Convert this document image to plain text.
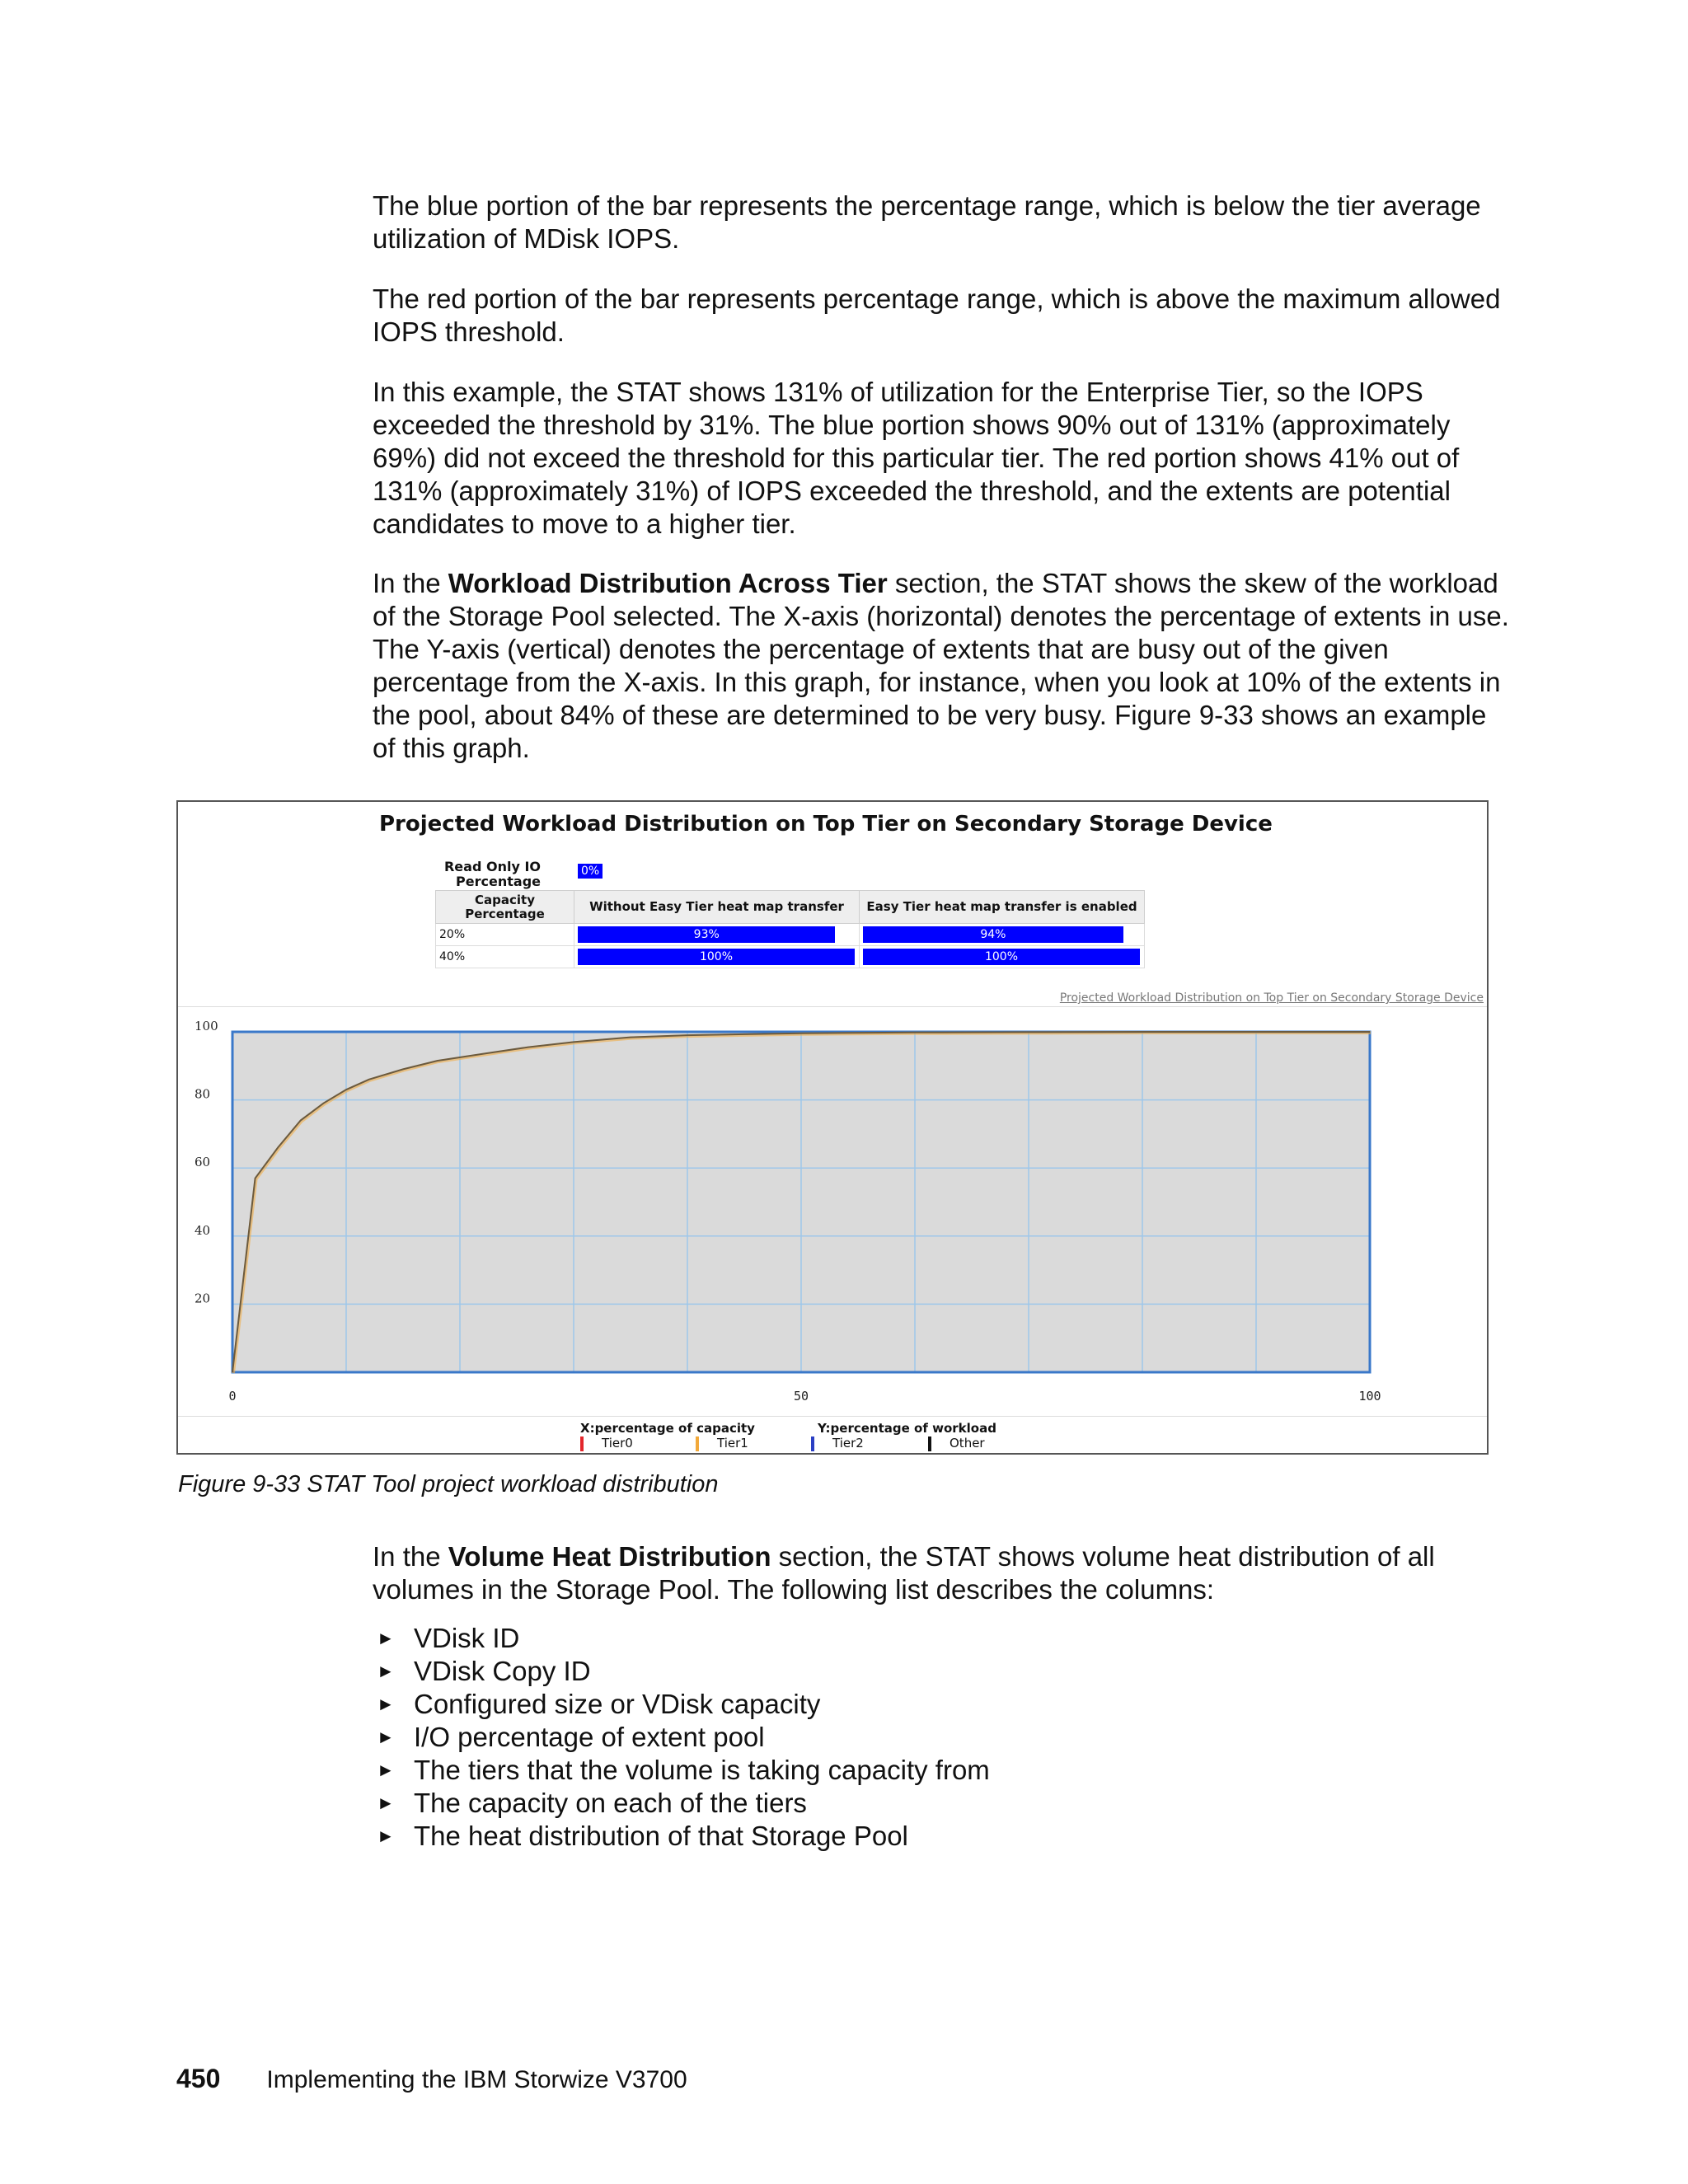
The blue portion of the bar represents the percentage range, which is below the tier average utilization of MDisk IOPS.

The red portion of the bar represents percentage range, which is above the maximum allowed IOPS threshold.

In this example, the STAT shows 131% of utilization for the Enterprise Tier, so the IOPS exceeded the threshold by 31%. The blue portion shows 90% out of 131% (approximately 69%) did not exceed the threshold for this particular tier. The red portion shows 41% out of 131% (approximately 31%) of IOPS exceeded the threshold, and the extents are potential candidates to move to a higher tier.

In the Workload Distribution Across Tier section, the STAT shows the skew of the workload of the Storage Pool selected. The X-axis (horizontal) denotes the percentage of extents in use. The Y-axis (vertical) denotes the percentage of extents that are busy out of the given percentage from the X-axis. In this graph, for instance, when you look at 10% of the extents in the pool, about 84% of these are determined to be very busy. Figure 9-33 shows an example of this graph.

Projected Workload Distribution on Top Tier on Secondary Storage Device
Read Only IO
Percentage
0%
Capacity Percentage	Without Easy Tier heat map transfer	Easy Tier heat map transfer is enabled
20%	93%	94%

40%	100%	100%
Projected Workload Distribution on Top Tier on Secondary Storage Device
100
80
60
40
20
0	50	100
X:percentage of capacity	Y:percentage of workload
Tier0	Tier1	Tier2	Other
Figure 9-33 STAT Tool project workload distribution

In the Volume Heat Distribution section, the STAT shows volume heat distribution of all volumes in the Storage Pool. The following list describes the columns:

► VDisk ID
► VDisk Copy ID
► Configured size or VDisk capacity
► I/O percentage of extent pool
► The tiers that the volume is taking capacity from
► The capacity on each of the tiers
► The heat distribution of that Storage Pool
450 Implementing the IBM Storwize V3700
